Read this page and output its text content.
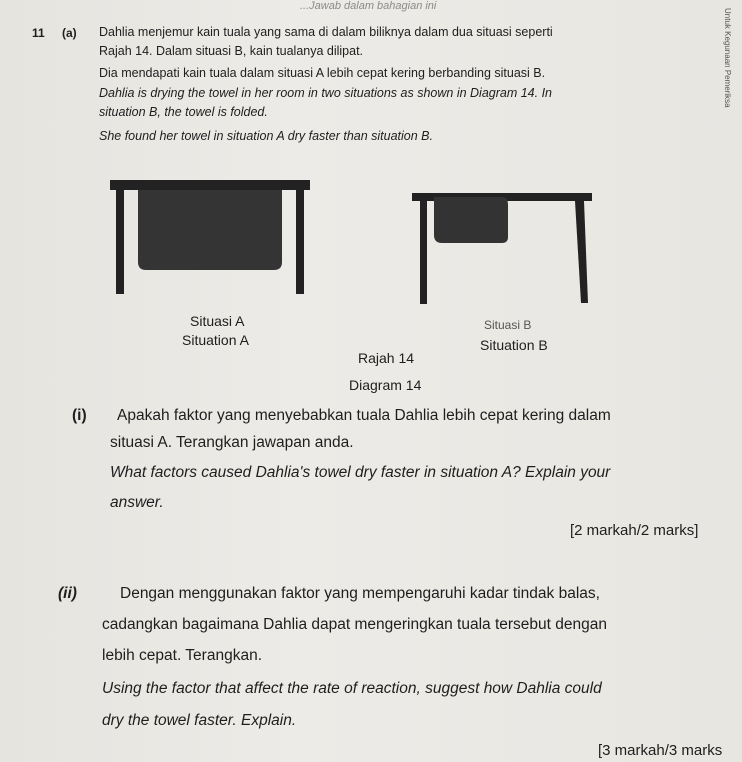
...Jawab dalam bahagian ini
Untuk Kegunaan Pemeriksa
11 (a) Dahlia menjemur kain tuala yang sama di dalam biliknya dalam dua situasi seperti
Rajah 14. Dalam situasi B, kain tualanya dilipat.
Dia mendapati kain tuala dalam situasi A lebih cepat kering berbanding situasi B.
Dahlia is drying the towel in her room in two situations as shown in Diagram 14. In
situation B, the towel is folded.
She found her towel in situation A dry faster than situation B.
Situasi A
Situation A
Situasi B
Situation B
Rajah 14
Diagram 14
(i) Apakah faktor yang menyebabkan tuala Dahlia lebih cepat kering dalam
situasi A. Terangkan jawapan anda.
What factors caused Dahlia's towel dry faster in situation A? Explain your
answer.
[2 markah/2 marks]
(ii)	Dengan menggunakan faktor yang mempengaruhi kadar tindak balas,
cadangkan bagaimana Dahlia dapat mengeringkan tuala tersebut dengan
lebih cepat. Terangkan.
Using the factor that affect the rate of reaction, suggest how Dahlia could
dry the towel faster. Explain.
[3 markah/3 marks
